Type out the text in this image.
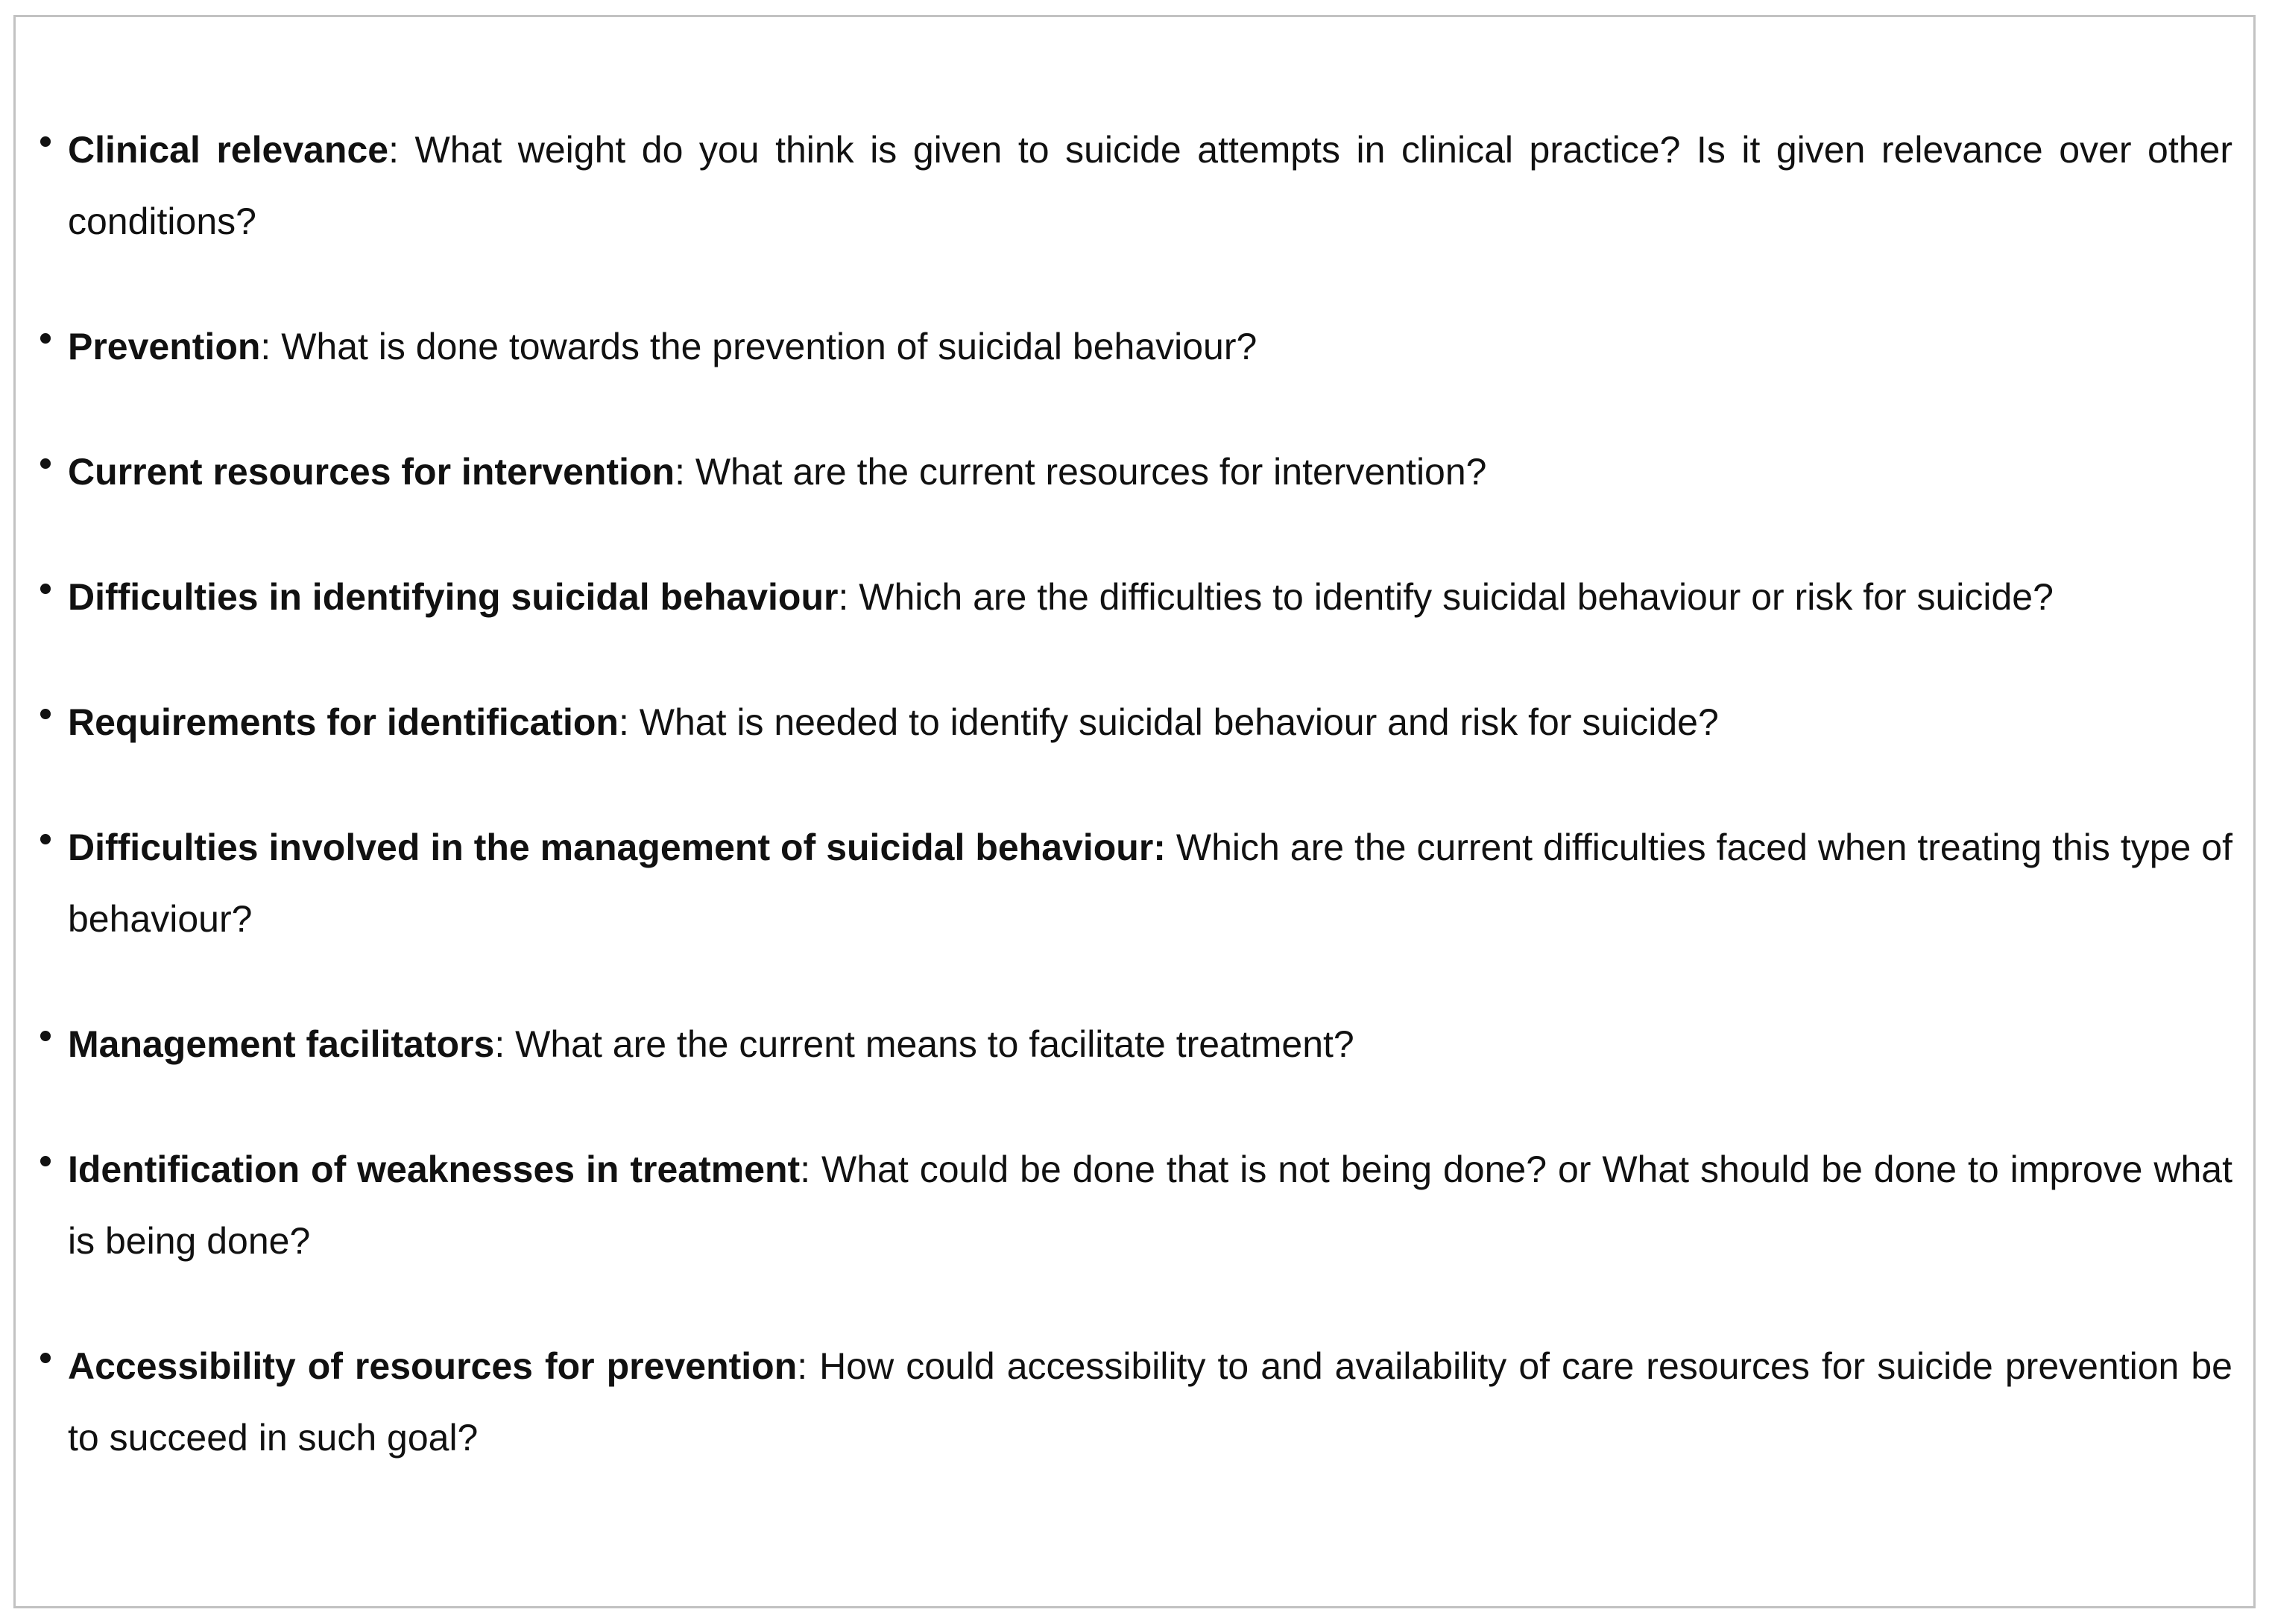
Clinical relevance: What weight do you think is given to suicide attempts in clinical practice? Is it given relevance over other conditions?
Prevention: What is done towards the prevention of suicidal behaviour?
Current resources for intervention: What are the current resources for intervention?
Difficulties in identifying suicidal behaviour: Which are the difficulties to identify suicidal behaviour or risk for suicide?
Requirements for identification: What is needed to identify suicidal behaviour and risk for suicide?
Difficulties involved in the management of suicidal behaviour: Which are the current difficulties faced when treating this type of behaviour?
Management facilitators: What are the current means to facilitate treatment?
Identification of weaknesses in treatment: What could be done that is not being done? or What should be done to improve what is being done?
Accessibility of resources for prevention: How could accessibility to and availability of care resources for suicide prevention be to succeed in such goal?
